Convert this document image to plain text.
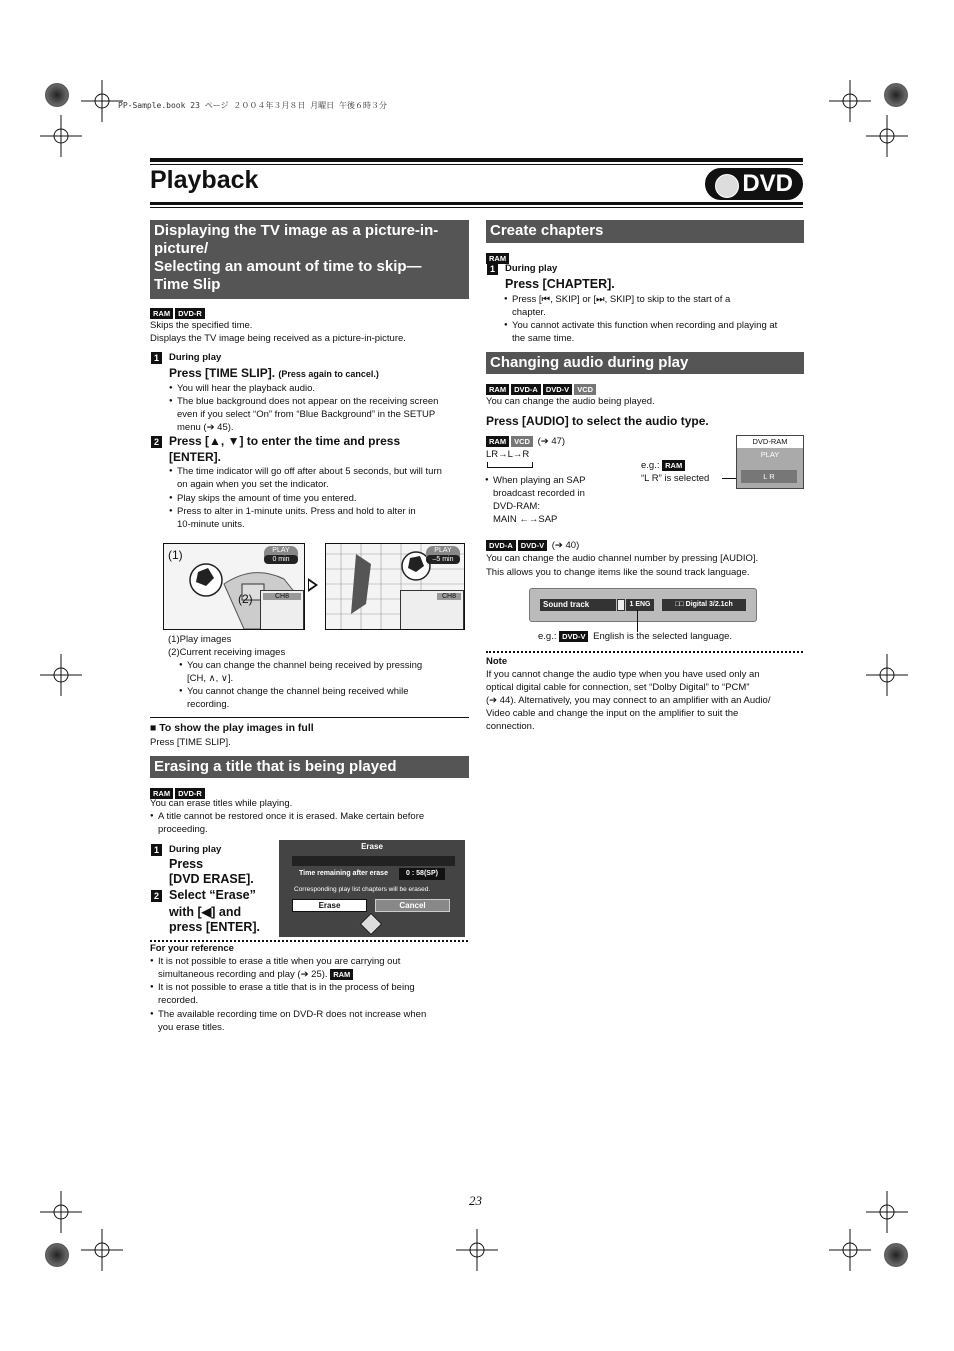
PP-Sample.book 23 ページ ２００４年３月８日 月曜日 午後６時３分
Playback	DVD
Displaying the TV image as a picture-in-
picture/
Selecting an amount of time to skip—
Time Slip
RAM DVD-R
Skips the specified time.
Displays the TV image being received as a picture-in-picture.
1	During play
Press [TIME SLIP]. (Press again to cancel.)
● You will hear the playback audio.
● The blue background does not appear on the receiving screen
even if you select “On” from “Blue Background” in the SETUP
menu (➔ 45).
2 Press [▲, ▼] to enter the time and press
[ENTER].
● The time indicator will go off after about 5 seconds, but will turn
on again when you set the indicator.
● Play skips the amount of time you entered.
● Press to alter in 1-minute units. Press and hold to alter in
10-minute units.
(1)
(2)
PLAY
0 min
CH8
PLAY
–5 min
CH8
(1)Play images
(2)Current receiving images
● You can change the channel being received by pressing
[CH, ∧, ∨].
● You cannot change the channel being received while
recording.
■ To show the play images in full
Press [TIME SLIP].
Erasing a title that is being played
RAM DVD-R
You can erase titles while playing.
● A title cannot be restored once it is erased. Make certain before
proceeding.
1	During play
Press
[DVD ERASE].
2 Select “Erase”
with [◀] and
press [ENTER].
Erase
Time remaining after erase	0 : 58(SP)
Corresponding play list chapters will be erased.
Erase	Cancel
For your reference
● It is not possible to erase a title when you are carrying out
simultaneous recording and play (➔ 25). RAM
● It is not possible to erase a title that is in the process of being
recorded.
● The available recording time on DVD-R does not increase when
you erase titles.
Create chapters
RAM
1	During play
Press [CHAPTER].
● Press [⏮, SKIP] or [⏭, SKIP] to skip to the start of a
chapter.
● You cannot activate this function when recording and playing at
the same time.
Changing audio during play
RAM DVD-A DVD-V VCD
You can change the audio being played.
Press [AUDIO] to select the audio type.
RAM VCD (➔ 47)
LR→L→R
● When playing an SAP
broadcast recorded in
DVD-RAM:
MAIN ←→SAP
e.g.: RAM
“L R” is selected
DVD-RAM
PLAY
L R
DVD-A DVD-V (➔ 40)
You can change the audio channel number by pressing [AUDIO].
This allows you to change items like the sound track language.
Sound track	1 ENG	□□ Digital 3/2.1ch
e.g.: DVD-V English is the selected language.
Note
If you cannot change the audio type when you have used only an
optical digital cable for connection, set “Dolby Digital” to “PCM”
(➔ 44). Alternatively, you may connect to an amplifier with an Audio/
Video cable and change the input on the amplifier to suit the
connection.
23
